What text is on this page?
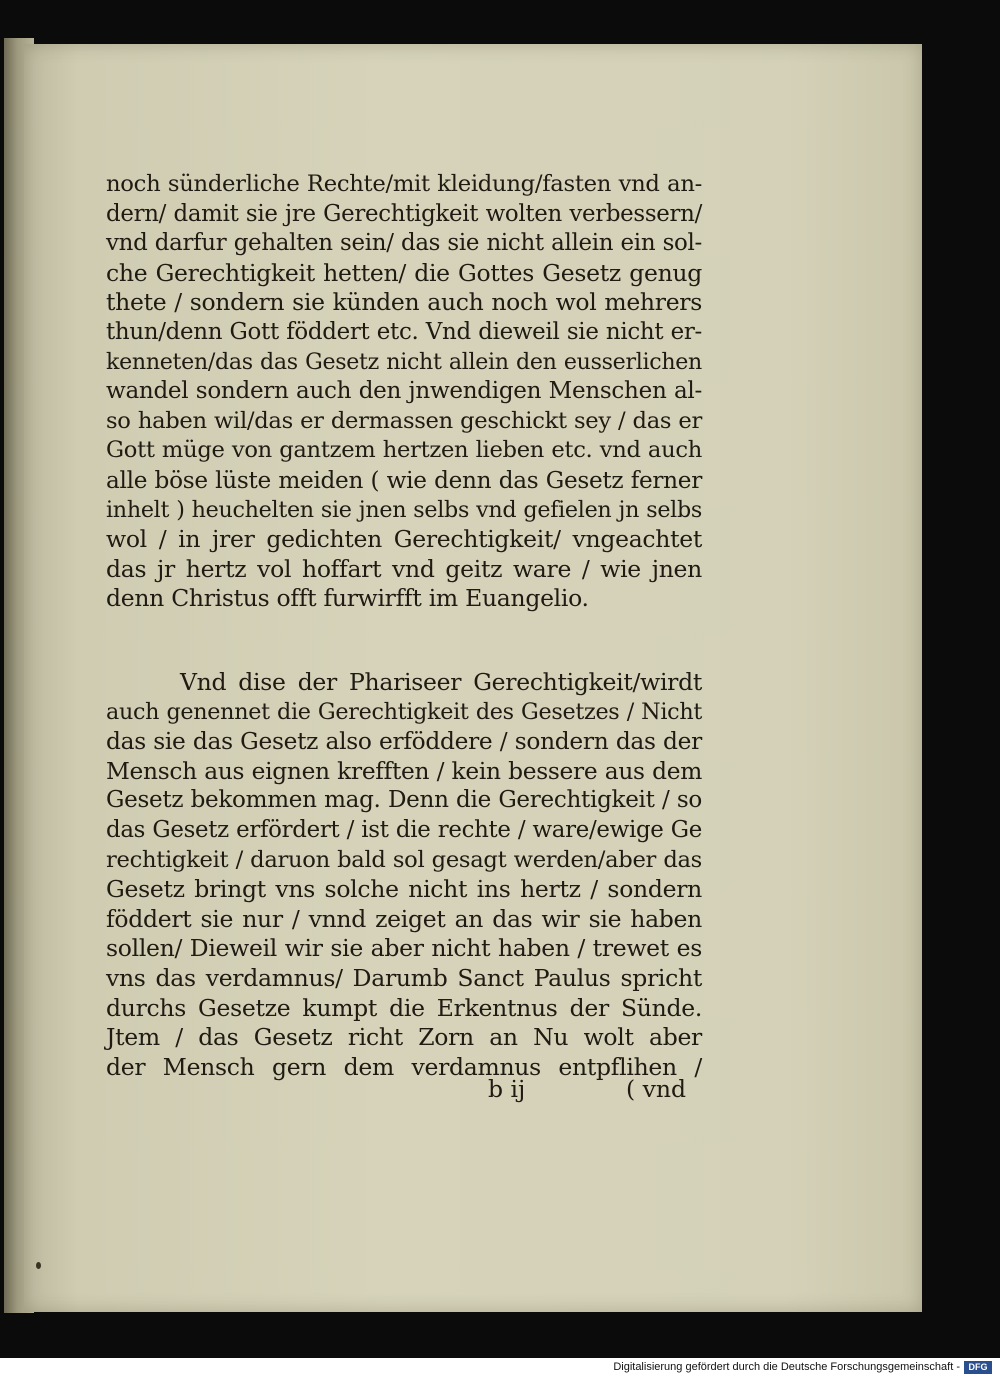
noch sünderliche Rechte/mit kleidung/fasten vnd an-
dern/ damit sie jre Gerechtigkeit wolten verbessern/
vnd darfur gehalten sein/ das sie nicht allein ein sol-
che Gerechtigkeit hetten/ die Gottes Gesetz genug
thete / sondern sie künden auch noch wol mehrers
thun/denn Gott föddert etc. Vnd dieweil sie nicht er-
kenneten/das das Gesetz nicht allein den eusserlichen
wandel sondern auch den jnwendigen Menschen al-
so haben wil/das er dermassen geschickt sey / das er
Gott müge von gantzem hertzen lieben etc. vnd auch
alle böse lüste meiden ( wie denn das Gesetz ferner
inhelt ) heuchelten sie jnen selbs vnd gefielen jn selbs
wol / in jrer gedichten Gerechtigkeit/ vngeachtet
das jr hertz vol hoffart vnd geitz ware / wie jnen
denn Christus offt furwirfft im Euangelio.
Vnd dise der Phariseer Gerechtigkeit/wirdt
auch genennet die Gerechtigkeit des Gesetzes / Nicht
das sie das Gesetz also erföddere / sondern das der
Mensch aus eignen krefften / kein bessere aus dem
Gesetz bekommen mag. Denn die Gerechtigkeit / so
das Gesetz erfördert / ist die rechte / ware/ewige Ge
rechtigkeit / daruon bald sol gesagt werden/aber das
Gesetz bringt vns solche nicht ins hertz / sondern
föddert sie nur / vnnd zeiget an das wir sie haben
sollen/ Dieweil wir sie aber nicht haben / trewet es
vns das verdamnus/ Darumb Sanct Paulus spricht
durchs Gesetze kumpt die Erkentnus der Sünde.
Jtem / das Gesetz richt Zorn an Nu wolt aber
der Mensch gern dem verdamnus entpflihen /
b ij	( vnd
Digitalisierung gefördert durch die Deutsche Forschungsgemeinschaft - DFG
